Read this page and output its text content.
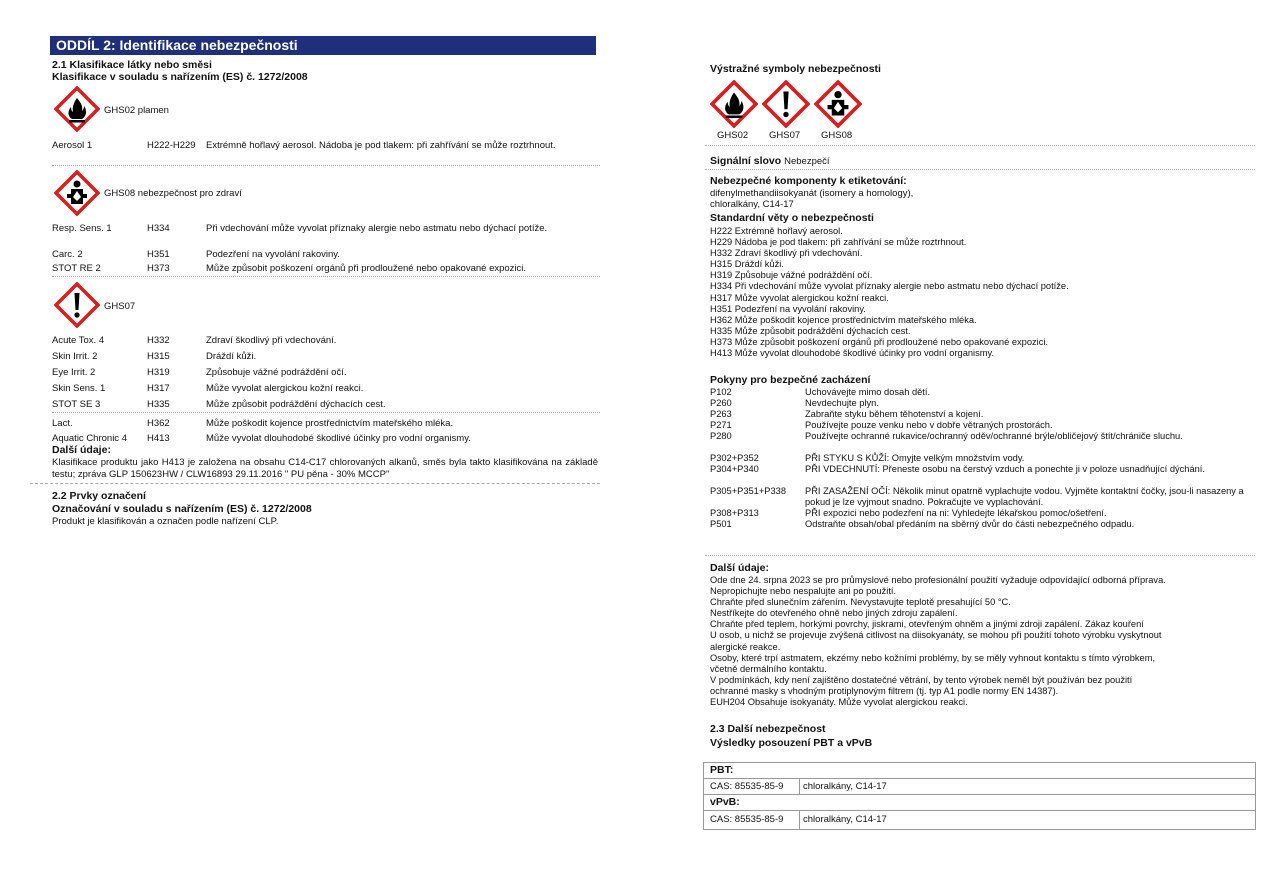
ODDÍL 2: Identifikace nebezpečnosti
2.1 Klasifikace látky nebo směsi
Klasifikace v souladu s nařízením (ES) č. 1272/2008
GHS02 plamen
Aerosol 1	H222-H229 Extrémně hořlavý aerosol. Nádoba je pod tlakem: při zahřívání se může roztrhnout.
GHS08 nebezpečnost pro zdraví
Resp. Sens. 1	H334	Při vdechování může vyvolat příznaky alergie nebo astmatu nebo dýchací potíže.
Carc. 2	H351	Podezření na vyvolání rakoviny.
STOT RE 2	H373	Může způsobit poškození orgánů při prodloužené nebo opakované expozici.
GHS07
Acute Tox. 4	H332	Zdraví škodlivý při vdechování.
Skin Irrit. 2	H315	Dráždí kůži.
Eye Irrit. 2	H319	Způsobuje vážné podráždění očí.
Skin Sens. 1	H317	Může vyvolat alergickou kožní reakci.
STOT SE 3	H335	Může způsobit podráždění dýchacích cest.
Lact.	H362	Může poškodit kojence prostřednictvím mateřského mléka.
Aquatic Chronic 4 H413	Může vyvolat dlouhodobé škodlivé účinky pro vodní organismy.
Další údaje:
Klasifikace produktu jako H413 je založena na obsahu C14-C17 chlorovaných alkanů, směs byla takto klasifikována na základě testu; zpráva GLP 150623HW / CLW16893 29.11.2016 " PU pěna - 30% MCCP"
2.2 Prvky označení
Označování v souladu s nařízením (ES) č. 1272/2008
Produkt je klasifikován a označen podle nařízení CLP.
Výstražné symboly nebezpečnosti
GHS02 GHS07 GHS08
Signální slovo Nebezpečí
Nebezpečné komponenty k etiketování:
difenylmethandiisokyanát (isomery a homology),
chloralkány, C14-17
Standardní věty o nebezpečnosti
H222 Extrémně hořlavý aerosol.
H229 Nádoba je pod tlakem: při zahřívání se může roztrhnout.
H332 Zdraví škodlivý při vdechování.
H315 Dráždí kůži.
H319 Způsobuje vážné podráždění očí.
H334 Při vdechování může vyvolat příznaky alergie nebo astmatu nebo dýchací potíže.
H317 Může vyvolat alergickou kožní reakci.
H351 Podezření na vyvolání rakoviny.
H362 Může poškodit kojence prostřednictvím mateřského mléka.
H335 Může způsobit podráždění dýchacích cest.
H373 Může způsobit poškození orgánů při prodloužené nebo opakované expozici.
H413 Může vyvolat dlouhodobé škodlivé účinky pro vodní organismy.
Pokyny pro bezpečné zacházení
P102	Uchovávejte mimo dosah dětí.
P260	Nevdechujte plyn.
P263	Zabraňte styku během těhotenství a kojení.
P271	Používejte pouze venku nebo v dobře větraných prostorách.
P280	Používejte ochranné rukavice/ochranný oděv/ochranné brýle/obličejový štít/chrániče sluchu.
P302+P352	PŘI STYKU S KŮŽÍ: Omyjte velkým množstvím vody.
P304+P340	PŘI VDECHNUTÍ: Přeneste osobu na čerstvý vzduch a ponechte ji v poloze usnadňující dýchání.
P305+P351+P338 PŘI ZASAŽENÍ OČÍ: Několik minut opatrně vyplachujte vodou. Vyjměte kontaktní čočky, jsou-li nasazeny a pokud je lze vyjmout snadno. Pokračujte ve vyplachování.
P308+P313	PŘI expozici nebo podezření na ni: Vyhledejte lékařskou pomoc/ošetření.
P501	Odstraňte obsah/obal předáním na sběrný dvůr do části nebezpečného odpadu.
Další údaje:
Ode dne 24. srpna 2023 se pro průmyslové nebo profesionální použití vyžaduje odpovídající odborná příprava.
Nepropichujte nebo nespalujte ani po použití.
Chraňte před slunečním zářením. Nevystavujte teplotě presahující 50 °C.
Nestříkejte do otevřeného ohně nebo jiných zdroju zapálení.
Chraňte před teplem, horkými povrchy, jiskrami, otevřeným ohněm a jinými zdroji zapálení. Zákaz kouření
U osob, u nichž se projevuje zvýšená citlivost na diisokyanáty, se mohou při použití tohoto výrobku vyskytnout
alergické reakce.
Osoby, které trpí astmatem, ekzémy nebo kožními problémy, by se měly vyhnout kontaktu s tímto výrobkem,
včetně dermálního kontaktu.
V podmínkách, kdy není zajištěno dostatečné větrání, by tento výrobek neměl být používán bez použití
ochranné masky s vhodným protiplynovým filtrem (tj. typ A1 podle normy EN 14387).
EUH204 Obsahuje isokyanáty. Může vyvolat alergickou reakci.
2.3 Další nebezpečnost
Výsledky posouzení PBT a vPvB
PBT:
CAS: 85535-85-9 chloralkány, C14-17
vPvB:
CAS: 85535-85-9 chloralkány, C14-17
